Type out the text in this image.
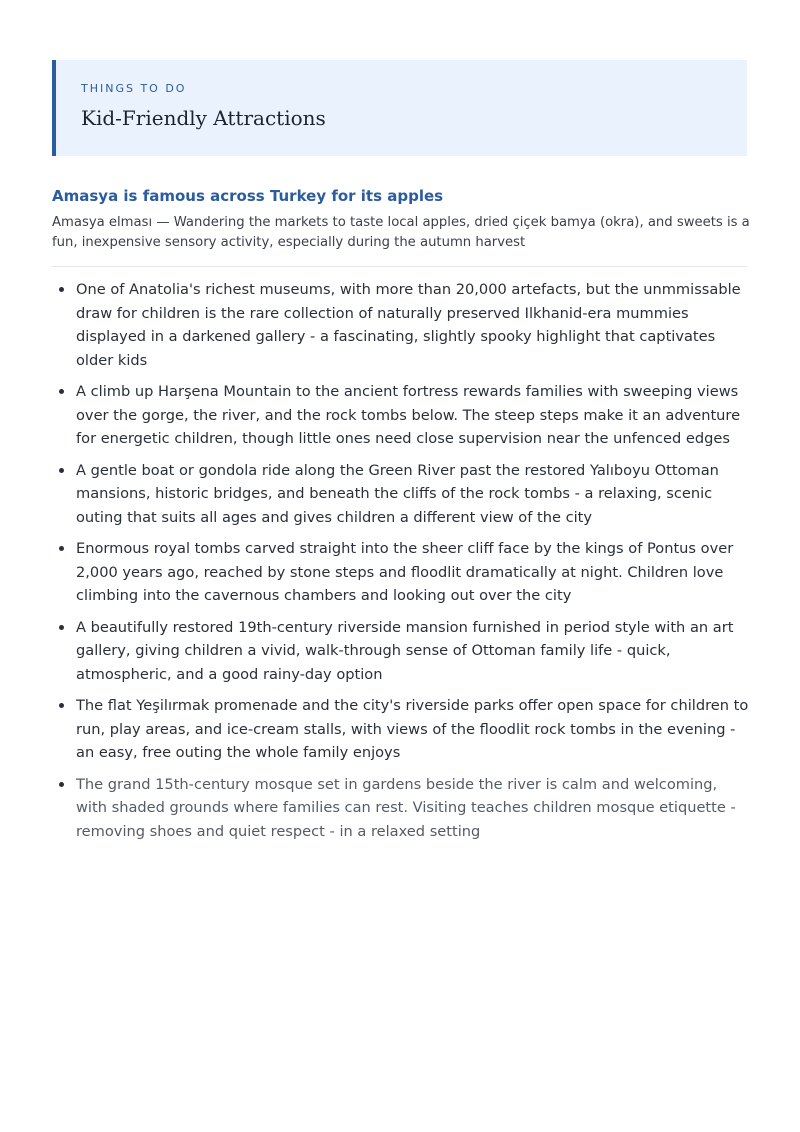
THINGS TO DO
Kid-Friendly Attractions
Amasya is famous across Turkey for its apples
Amasya elması — Wandering the markets to taste local apples, dried çiçek bamya (okra), and sweets is a fun, inexpensive sensory activity, especially during the autumn harvest
One of Anatolia's richest museums, with more than 20,000 artefacts, but the unmmissable draw for children is the rare collection of naturally preserved Ilkhanid-era mummies displayed in a darkened gallery - a fascinating, slightly spooky highlight that captivates older kids
A climb up Harşena Mountain to the ancient fortress rewards families with sweeping views over the gorge, the river, and the rock tombs below. The steep steps make it an adventure for energetic children, though little ones need close supervision near the unfenced edges
A gentle boat or gondola ride along the Green River past the restored Yalıboyu Ottoman mansions, historic bridges, and beneath the cliffs of the rock tombs - a relaxing, scenic outing that suits all ages and gives children a different view of the city
Enormous royal tombs carved straight into the sheer cliff face by the kings of Pontus over 2,000 years ago, reached by stone steps and floodlit dramatically at night. Children love climbing into the cavernous chambers and looking out over the city
A beautifully restored 19th-century riverside mansion furnished in period style with an art gallery, giving children a vivid, walk-through sense of Ottoman family life - quick, atmospheric, and a good rainy-day option
The flat Yeşilırmak promenade and the city's riverside parks offer open space for children to run, play areas, and ice-cream stalls, with views of the floodlit rock tombs in the evening - an easy, free outing the whole family enjoys
The grand 15th-century mosque set in gardens beside the river is calm and welcoming, with shaded grounds where families can rest. Visiting teaches children mosque etiquette - removing shoes and quiet respect - in a relaxed setting
